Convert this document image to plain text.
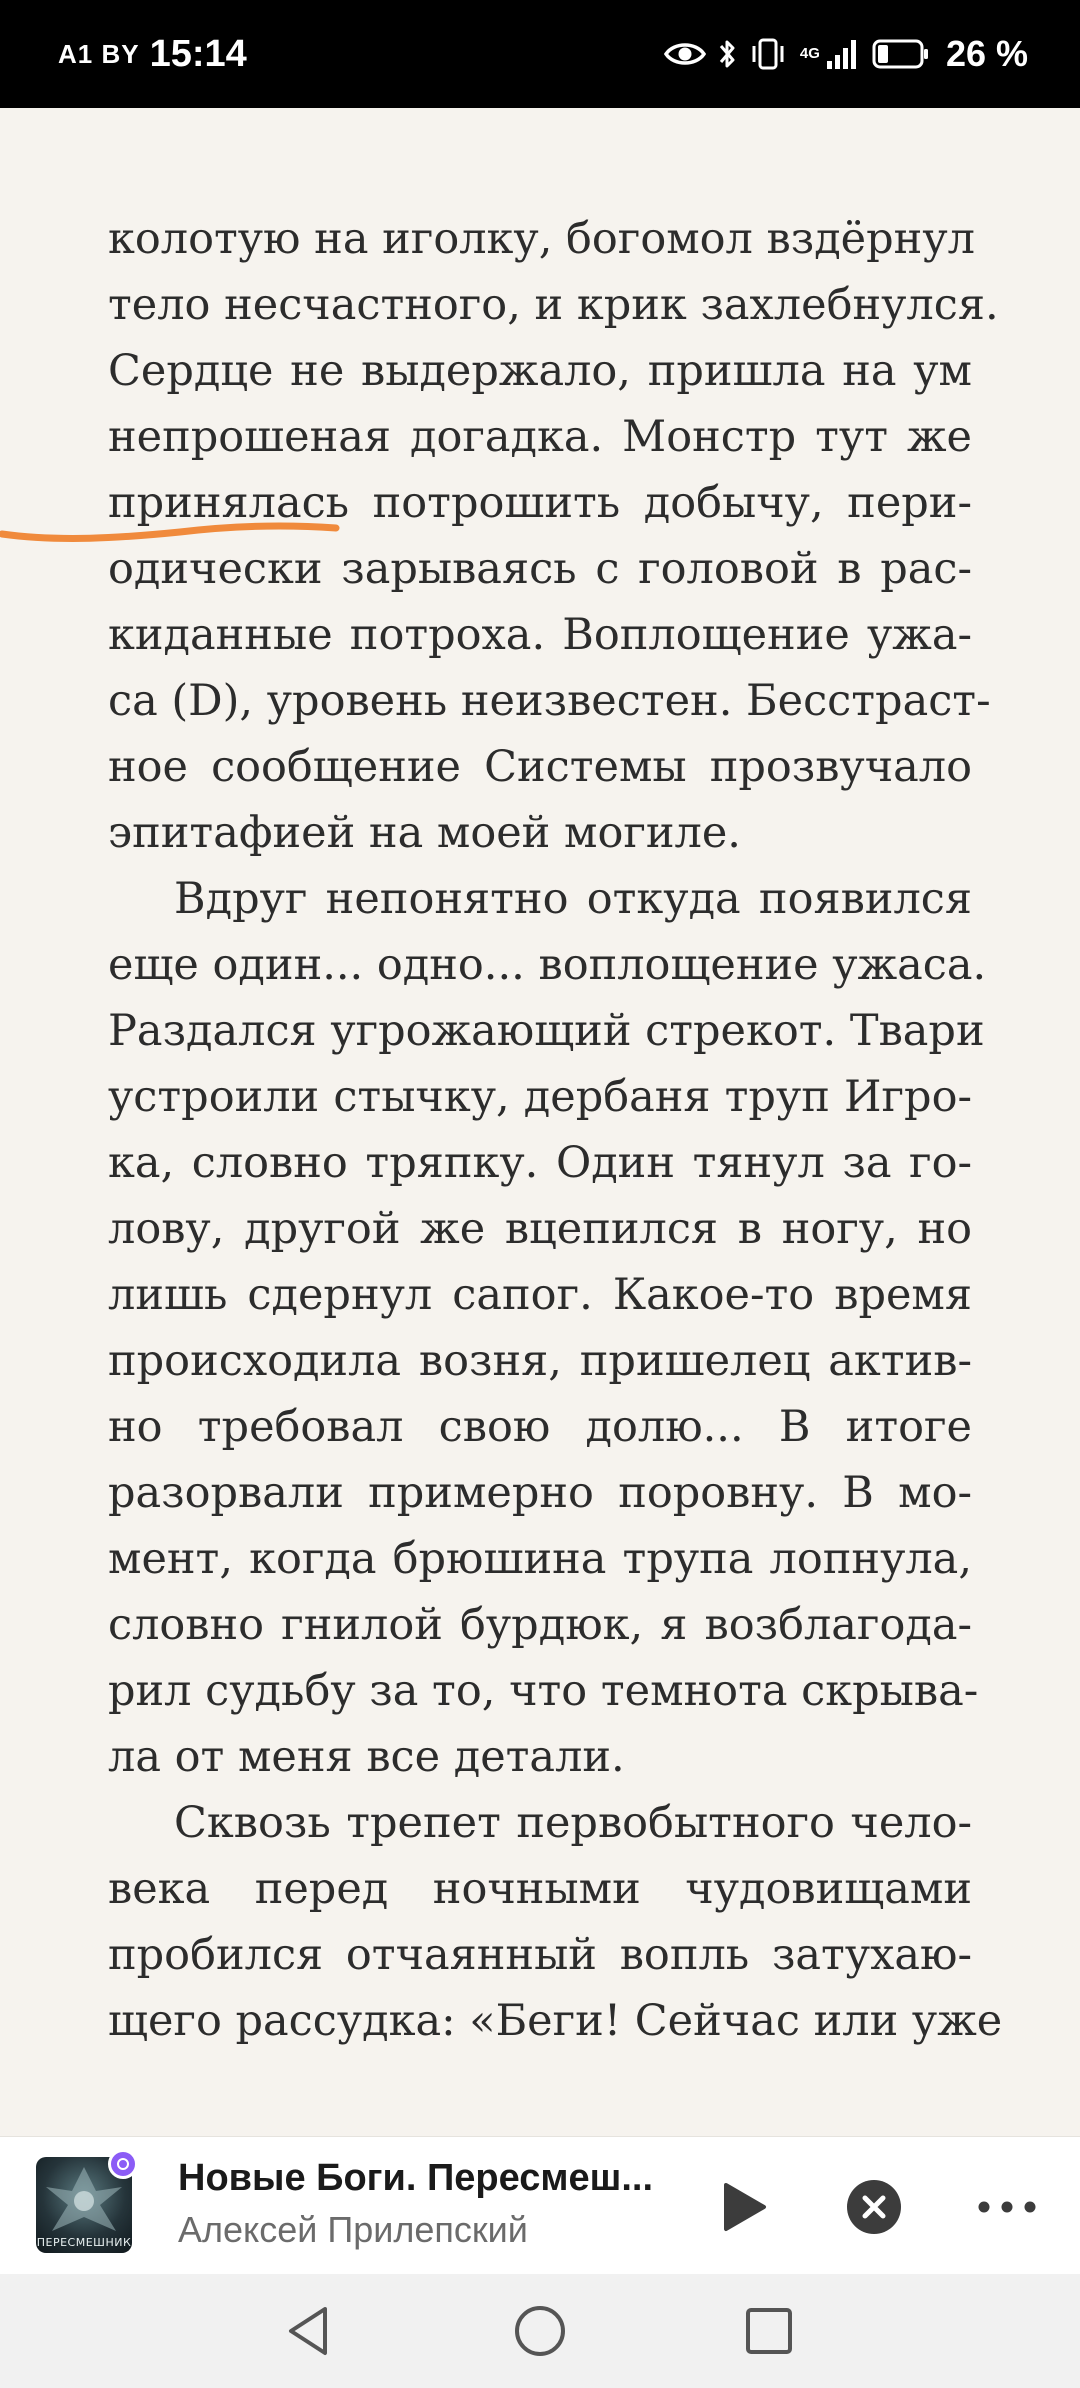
A1 BY 15:14	4G	26 %
колотую на иголку, богомол вздёрнул
тело несчастного, и крик захлебнулся.
Сердце не выдержало, пришла на ум
непрошеная догадка. Монстр тут же
принялась потрошить добычу, пери-
одически зарываясь с головой в рас-
киданные потроха. Воплощение ужа-
са (D), уровень неизвестен. Бесстраст-
ное сообщение Системы прозвучало
эпитафией на моей могиле.
Вдруг непонятно откуда появился
еще один... одно... воплощение ужаса.
Раздался угрожающий стрекот. Твари
устроили стычку, дербаня труп Игро-
ка, словно тряпку. Один тянул за го-
лову, другой же вцепился в ногу, но
лишь сдернул сапог. Какое-то время
происходила возня, пришелец актив-
но требовал свою долю... В итоге
разорвали примерно поровну. В мо-
мент, когда брюшина трупа лопнула,
словно гнилой бурдюк, я возблагода-
рил судьбу за то, что темнота скрыва-
ла от меня все детали.
Сквозь трепет первобытного чело-
века перед ночными чудовищами
пробился отчаянный вопль затухаю-
щего рассудка: «Беги! Сейчас или уже
ПЕРЕСМЕШНИК
Новые Боги. Пересмеш...
Алексей Прилепский
